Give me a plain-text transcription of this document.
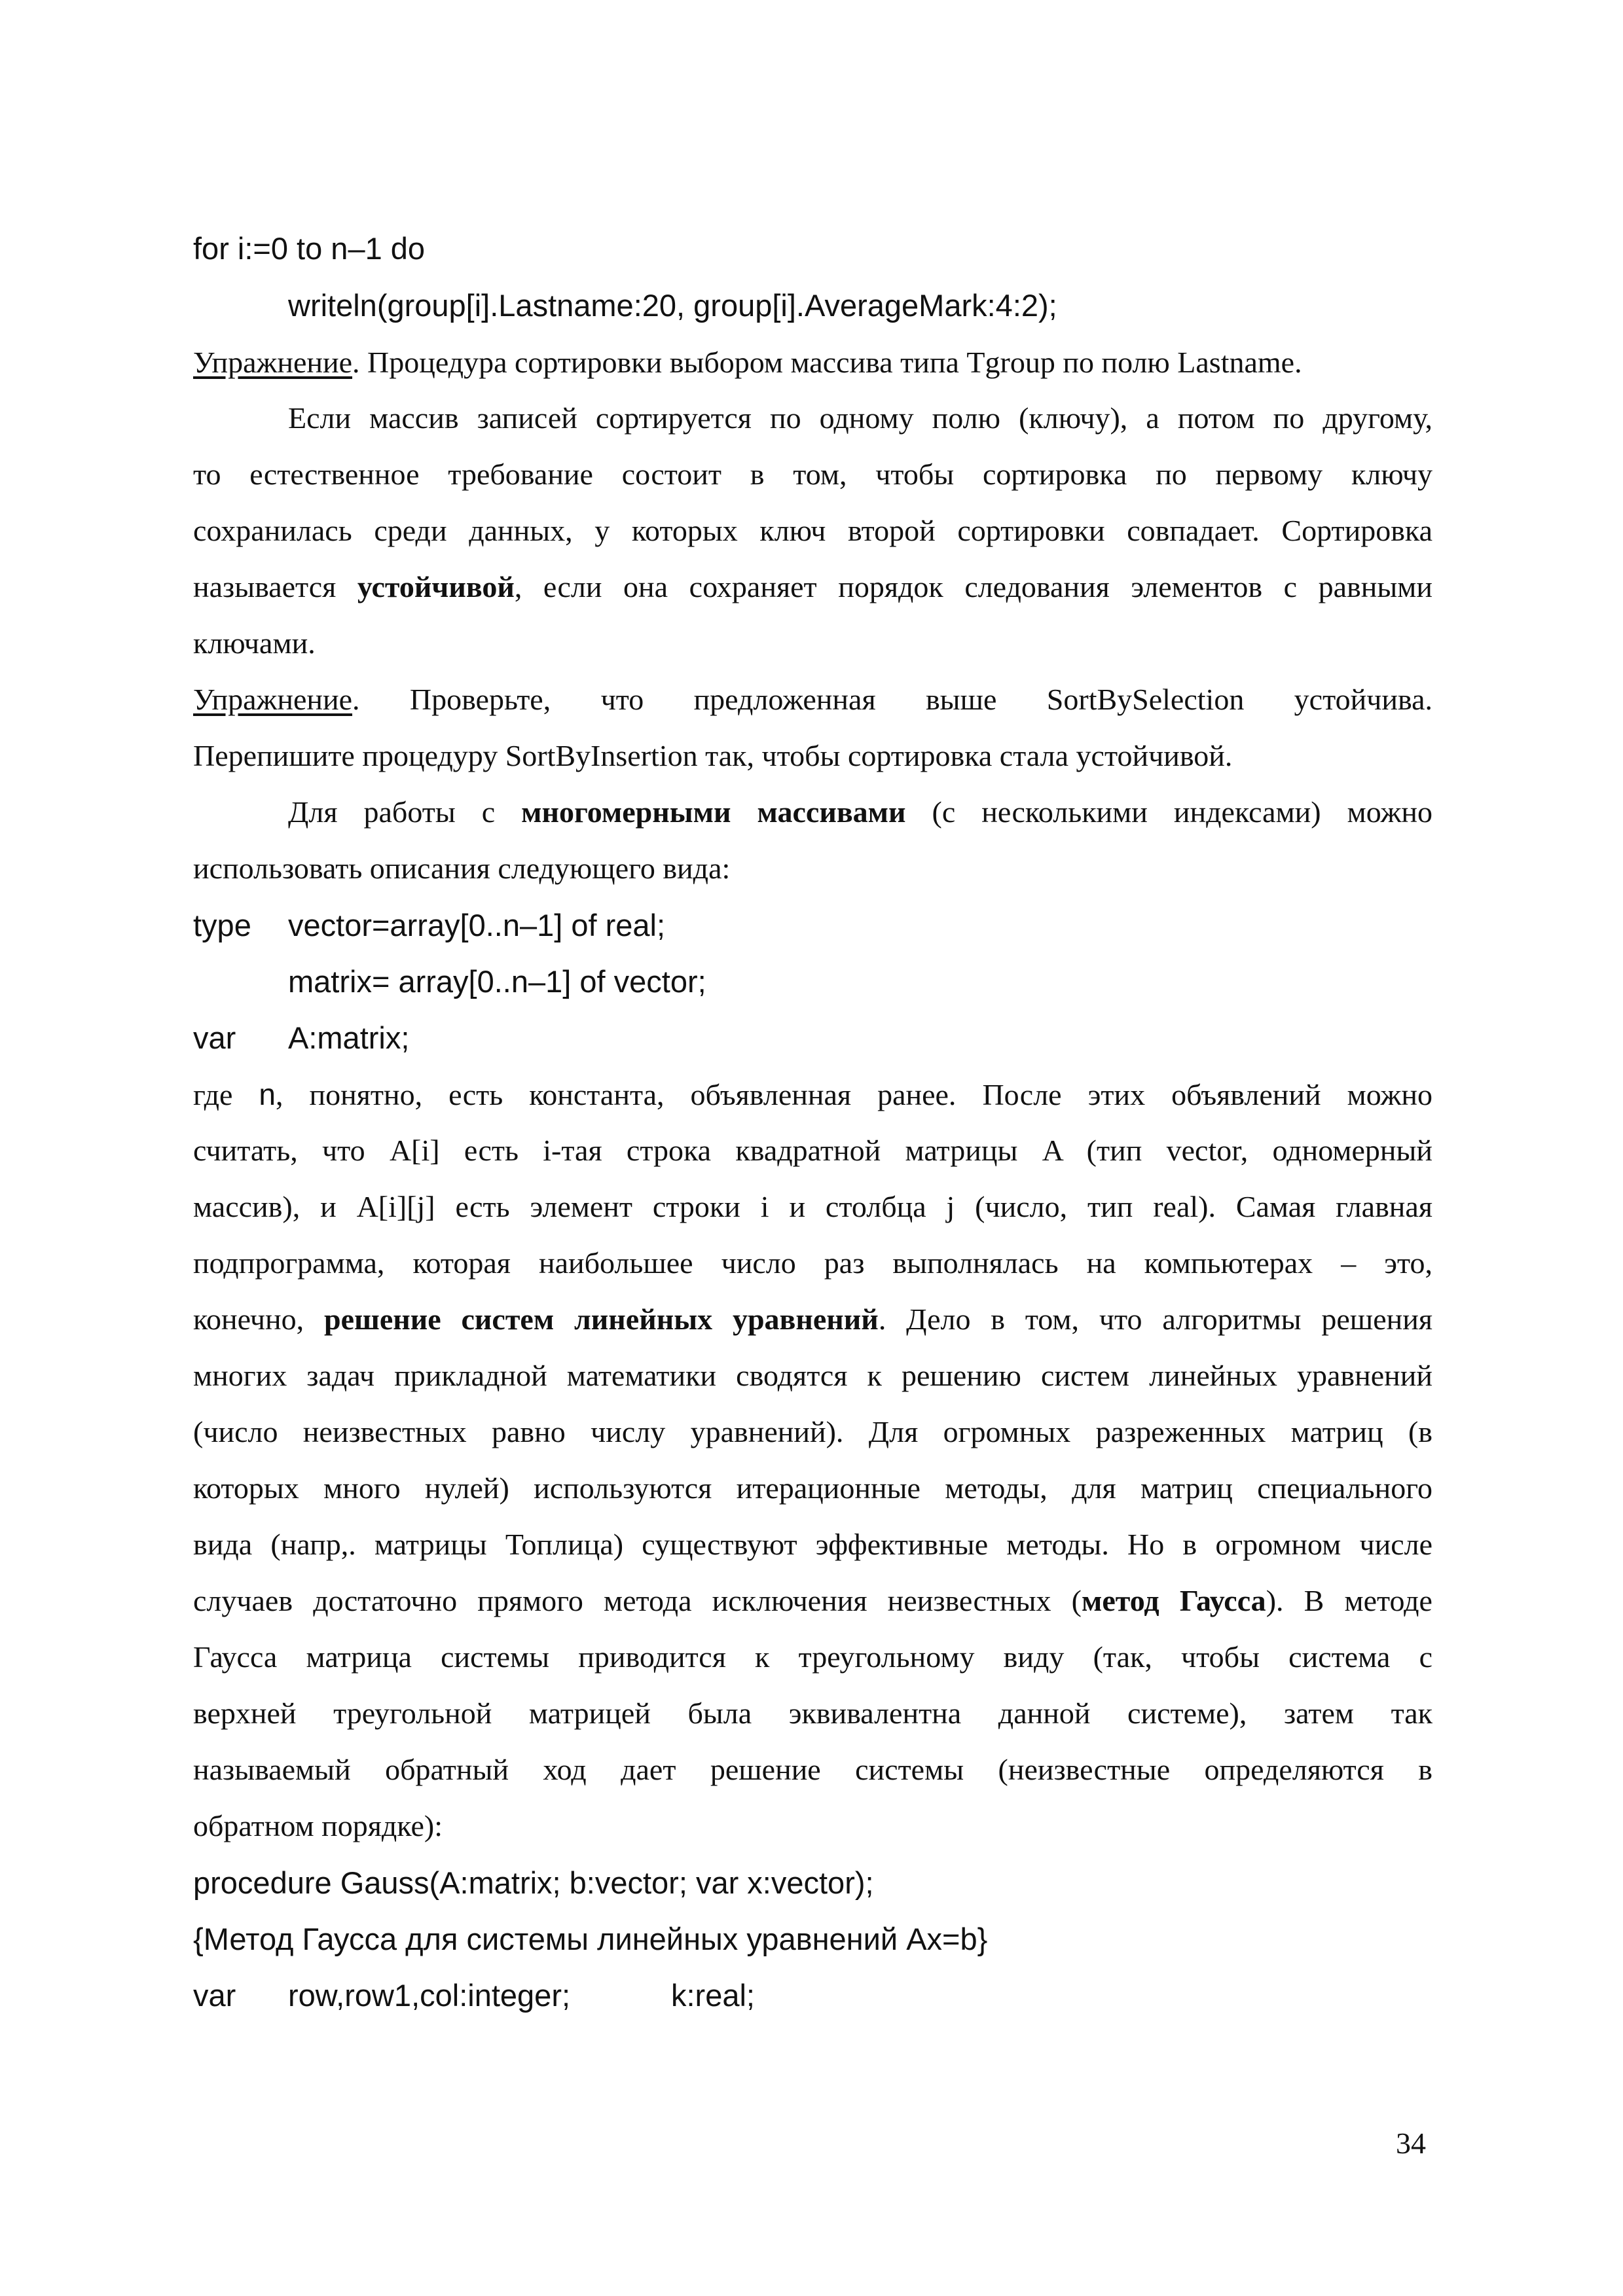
for i:=0 to n–1 do
writeln(group[i].Lastname:20, group[i].AverageMark:4:2);
Упражнение. Процедура сортировки выбором массива типа Tgroup по полю Lastname.
Если массив записей сортируется по одному полю (ключу), а потом по другому,
то естественное требование состоит в том, чтобы сортировка по первому ключу
сохранилась среди данных, у которых ключ второй сортировки совпадает. Сортировка
называется устойчивой, если она сохраняет порядок следования элементов с равными
ключами.
Упражнение. Проверьте, что предложенная выше SortBySelection устойчива.
Перепишите процедуру SortByInsertion так, чтобы сортировка стала устойчивой.
Для работы с многомерными массивами (с несколькими индексами) можно
использовать описания следующего вида:
type vector=array[0..n–1] of real;
matrix= array[0..n–1] of vector;
var A:matrix;
где n, понятно, есть константа, объявленная ранее. После этих объявлений можно
считать, что A[i] есть i-тая строка квадратной матрицы A (тип vector, одномерный
массив), и A[i][j] есть элемент строки i и столбца j (число, тип real). Самая главная
подпрограмма, которая наибольшее число раз выполнялась на компьютерах – это,
конечно, решение систем линейных уравнений. Дело в том, что алгоритмы решения
многих задач прикладной математики сводятся к решению систем линейных уравнений
(число неизвестных равно числу уравнений). Для огромных разреженных матриц (в
которых много нулей) используются итерационные методы, для матриц специального
вида (напр,. матрицы Топлица) существуют эффективные методы. Но в огромном числе
случаев достаточно прямого метода исключения неизвестных (метод Гаусса). В методе
Гаусса матрица системы приводится к треугольному виду (так, чтобы система с
верхней треугольной матрицей была эквивалентна данной системе), затем так
называемый обратный ход дает решение системы (неизвестные определяются в
обратном порядке):
procedure Gauss(A:matrix; b:vector; var x:vector);
{Метод Гаусса для системы линейных уравнений Ax=b}
var row,row1,col:integer;	k:real;
34
